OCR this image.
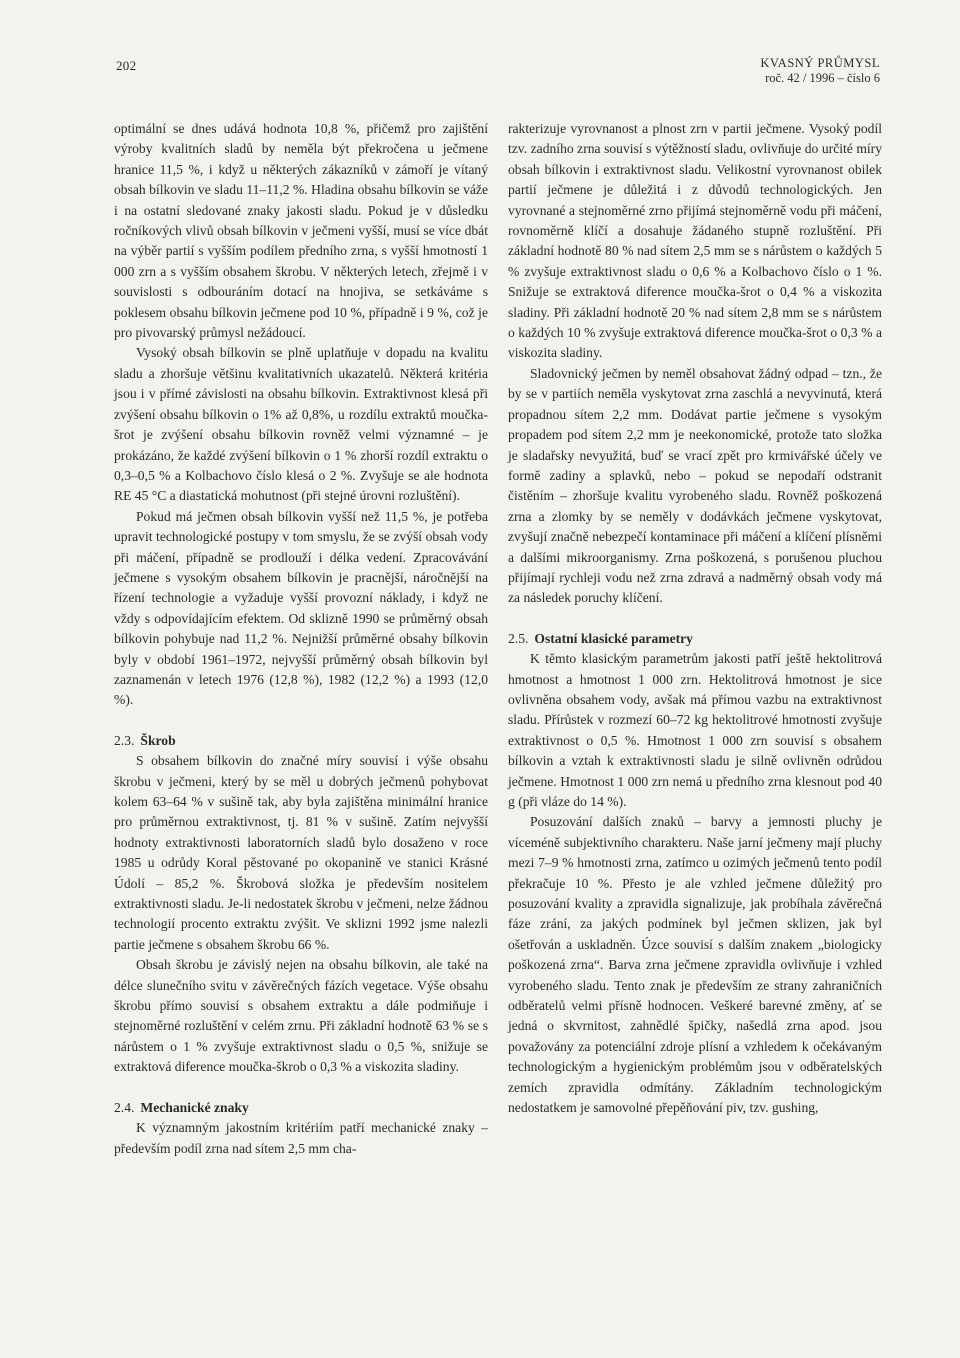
202	KVASNÝ PRŮMYSL
roč. 42 / 1996 – číslo 6

optimální se dnes udává hodnota 10,8 %, přičemž pro zajištění výroby kvalitních sladů by neměla být překročena u ječmene hranice 11,5 %, i když u některých zákazníků v zámoří je vítaný obsah bílkovin ve sladu 11–11,2 %. Hladina obsahu bílkovin se váže i na ostatní sledované znaky jakosti sladu. Pokud je v důsledku ročníkových vlivů obsah bílkovin v ječmeni vyšší, musí se více dbát na výběr partií s vyšším podílem předního zrna, s vyšší hmotností 1 000 zrn a s vyšším obsahem škrobu. V některých letech, zřejmě i v souvislosti s odbouráním dotací na hnojiva, se setkáváme s poklesem obsahu bílkovin ječmene pod 10 %, případně i 9 %, což je pro pivovarský průmysl nežádoucí.

Vysoký obsah bílkovin se plně uplatňuje v dopadu na kvalitu sladu a zhoršuje většinu kvalitativních ukazatelů. Některá kritéria jsou i v přímé závislosti na obsahu bílkovin. Extraktivnost klesá při zvýšení obsahu bílkovin o 1% až 0,8%, u rozdílu extraktů moučka-šrot je zvýšení obsahu bílkovin rovněž velmi významné – je prokázáno, že každé zvýšení bílkovin o 1 % zhorší rozdíl extraktu o 0,3–0,5 % a Kolbachovo číslo klesá o 2 %. Zvyšuje se ale hodnota RE 45 °C a diastatická mohutnost (při stejné úrovni rozluštění).

Pokud má ječmen obsah bílkovin vyšší než 11,5 %, je potřeba upravit technologické postupy v tom smyslu, že se zvýší obsah vody při máčení, případně se prodlouží i délka vedení. Zpracovávání ječmene s vysokým obsahem bílkovin je pracnější, náročnější na řízení technologie a vyžaduje vyšší provozní náklady, i když ne vždy s odpovídajícím efektem. Od sklizně 1990 se průměrný obsah bílkovin pohybuje nad 11,2 %. Nejnižší průměrné obsahy bílkovin byly v období 1961–1972, nejvyšší průměrný obsah bílkovin byl zaznamenán v letech 1976 (12,8 %), 1982 (12,2 %) a 1993 (12,0 %).

2.3. Škrob

S obsahem bílkovin do značné míry souvisí i výše obsahu škrobu v ječmeni, který by se měl u dobrých ječmenů pohybovat kolem 63–64 % v sušině tak, aby byla zajištěna minimální hranice pro průměrnou extraktivnost, tj. 81 % v sušině. Zatím nejvyšší hodnoty extraktivnosti laboratorních sladů bylo dosaženo v roce 1985 u odrůdy Koral pěstované po okopanině ve stanici Krásné Údolí – 85,2 %. Škrobová složka je především nositelem extraktivnosti sladu. Je-li nedostatek škrobu v ječmeni, nelze žádnou technologií procento extraktu zvýšit. Ve sklizni 1992 jsme nalezli partie ječmene s obsahem škrobu 66 %.

Obsah škrobu je závislý nejen na obsahu bílkovin, ale také na délce slunečního svitu v závěrečných fázích vegetace. Výše obsahu škrobu přímo souvisí s obsahem extraktu a dále podmiňuje i stejnoměrné rozluštění v celém zrnu. Při základní hodnotě 63 % se s nárůstem o 1 % zvyšuje extraktivnost sladu o 0,5 %, snižuje se extraktová diference moučka-škrob o 0,3 % a viskozita sladiny.

2.4. Mechanické znaky

K významným jakostním kritériím patří mechanické znaky – především podíl zrna nad sítem 2,5 mm cha-

rakterizuje vyrovnanost a plnost zrn v partii ječmene. Vysoký podíl tzv. zadního zrna souvisí s výtěžností sladu, ovlivňuje do určité míry obsah bílkovin i extraktivnost sladu. Velikostní vyrovnanost obilek partií ječmene je důležitá i z důvodů technologických. Jen vyrovnané a stejnoměrné zrno přijímá stejnoměrně vodu při máčení, rovnoměrně klíčí a dosahuje žádaného stupně rozluštění. Při základní hodnotě 80 % nad sítem 2,5 mm se s nárůstem o každých 5 % zvyšuje extraktivnost sladu o 0,6 % a Kolbachovo číslo o 1 %. Snižuje se extraktová diference moučka-šrot o 0,4 % a viskozita sladiny. Při základní hodnotě 20 % nad sítem 2,8 mm se s nárůstem o každých 10 % zvyšuje extraktová diference moučka-šrot o 0,3 % a viskozita sladiny.

Sladovnický ječmen by neměl obsahovat žádný odpad – tzn., že by se v partiích neměla vyskytovat zrna zaschlá a nevyvinutá, která propadnou sítem 2,2 mm. Dodávat partie ječmene s vysokým propadem pod sítem 2,2 mm je neekonomické, protože tato složka je sladařsky nevyužitá, buď se vrací zpět pro krmivářské účely ve formě zadiny a splavků, nebo – pokud se nepodaří odstranit čistěním – zhoršuje kvalitu vyrobeného sladu. Rovněž poškozená zrna a zlomky by se neměly v dodávkách ječmene vyskytovat, zvyšují značně nebezpečí kontaminace při máčení a klíčení plísněmi a dalšími mikroorganismy. Zrna poškozená, s porušenou pluchou přijímají rychleji vodu než zrna zdravá a nadměrný obsah vody má za následek poruchy klíčení.

2.5. Ostatní klasické parametry

K těmto klasickým parametrům jakosti patří ještě hektolitrová hmotnost a hmotnost 1 000 zrn. Hektolitrová hmotnost je sice ovlivněna obsahem vody, avšak má přímou vazbu na extraktivnost sladu. Přírůstek v rozmezí 60–72 kg hektolitrové hmotnosti zvyšuje extraktivnost o 0,5 %. Hmotnost 1 000 zrn souvisí s obsahem bílkovin a vztah k extraktivnosti sladu je silně ovlivněn odrůdou ječmene. Hmotnost 1 000 zrn nemá u předního zrna klesnout pod 40 g (při vláze do 14 %).

Posuzování dalších znaků – barvy a jemnosti pluchy je víceméně subjektivního charakteru. Naše jarní ječmeny mají pluchy mezi 7–9 % hmotnosti zrna, zatímco u ozimých ječmenů tento podíl překračuje 10 %. Přesto je ale vzhled ječmene důležitý pro posuzování kvality a zpravidla signalizuje, jak probíhala závěrečná fáze zrání, za jakých podmínek byl ječmen sklizen, jak byl ošetřován a uskladněn. Úzce souvisí s dalším znakem „biologicky poškozená zrna“. Barva zrna ječmene zpravidla ovlivňuje i vzhled vyrobeného sladu. Tento znak je především ze strany zahraničních odběratelů velmi přísně hodnocen. Veškeré barevné změny, ať se jedná o skvrnitost, zahnědlé špičky, našedlá zrna apod. jsou považovány za potenciální zdroje plísní a vzhledem k očekávaným technologickým a hygienickým problémům jsou v odběratelských zemích zpravidla odmítány. Základním technologickým nedostatkem je samovolné přepěňování piv, tzv. gushing,
